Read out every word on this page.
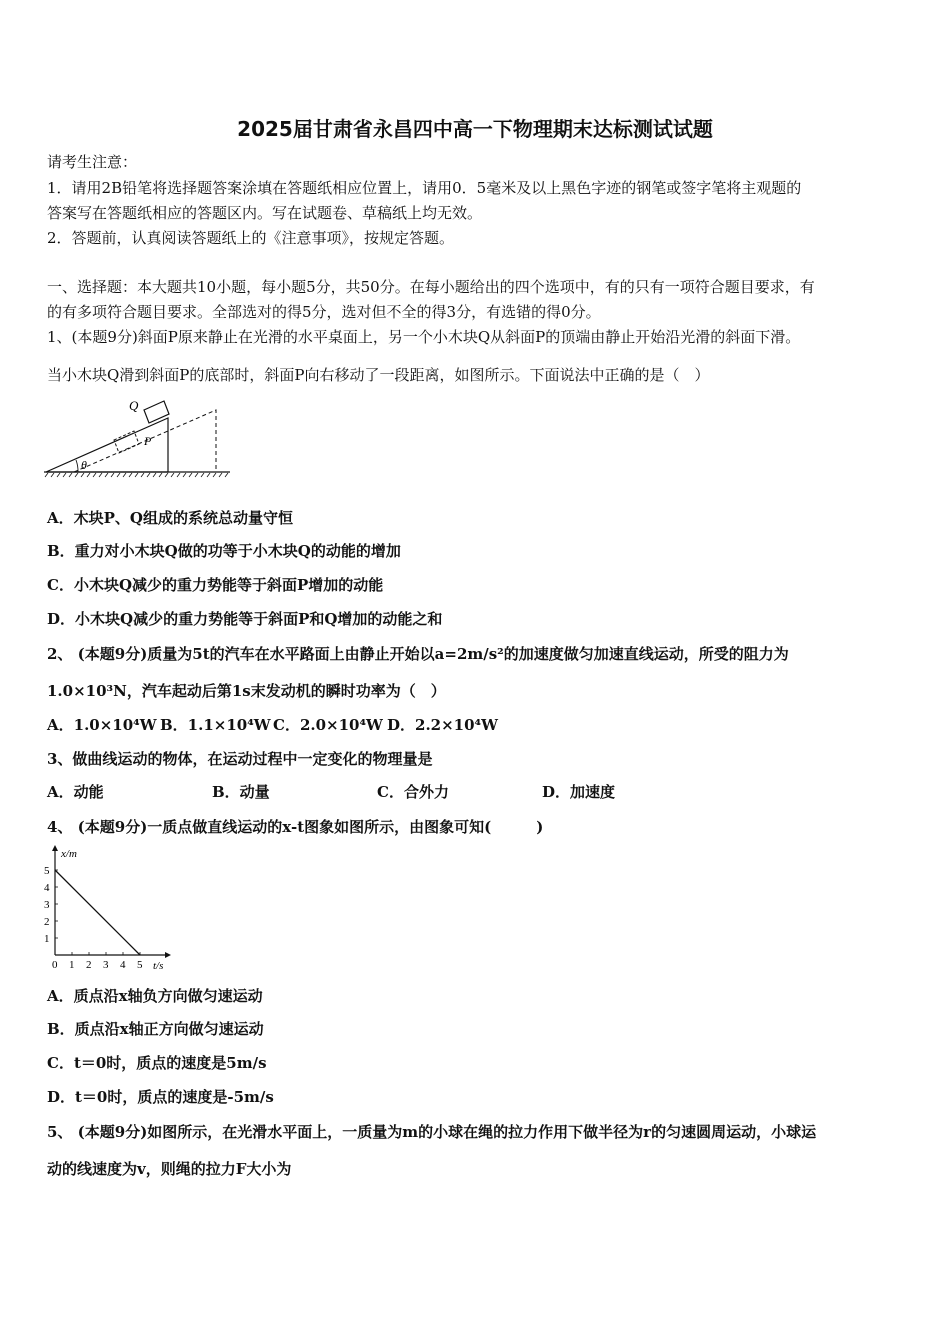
2025届甘肃省永昌四中高一下物理期末达标测试试题
请考生注意：
1．请用2B铅笔将选择题答案涂填在答题纸相应位置上，请用0．5毫米及以上黑色字迹的钢笔或签字笔将主观题的
答案写在答题纸相应的答题区内。写在试题卷、草稿纸上均无效。
2．答题前，认真阅读答题纸上的《注意事项》，按规定答题。
一、选择题：本大题共10小题，每小题5分，共50分。在每小题给出的四个选项中，有的只有一项符合题目要求，有
的有多项符合题目要求。全部选对的得5分，选对但不全的得3分，有选错的得0分。
1、(本题9分)斜面P原来静止在光滑的水平桌面上，另一个小木块Q从斜面P的顶端由静止开始沿光滑的斜面下滑。
当小木块Q滑到斜面P的底部时，斜面P向右移动了一段距离，如图所示。下面说法中正确的是（　）
Q
P
θ
A．木块P、Q组成的系统总动量守恒
B．重力对小木块Q做的功等于小木块Q的动能的增加
C．小木块Q减少的重力势能等于斜面P增加的动能
D．小木块Q减少的重力势能等于斜面P和Q增加的动能之和
2、 (本题9分)质量为5t的汽车在水平路面上由静止开始以a=2m/s²的加速度做匀加速直线运动，所受的阻力为
1.0×10³N，汽车起动后第1s末发动机的瞬时功率为（　）
A．1.0×10⁴W B．1.1×10⁴W C．2.0×10⁴W D．2.2×10⁴W
3、做曲线运动的物体，在运动过程中一定变化的物理量是
A．动能	B．动量	C．合外力	D．加速度
4、 (本题9分)一质点做直线运动的x-t图象如图所示，由图象可知(　　　)
x/m
t/s
0 1 2 3 4 5
1
2
3
4
5
A．质点沿x轴负方向做匀速运动
B．质点沿x轴正方向做匀速运动
C．t＝0时，质点的速度是5m/s
D．t＝0时，质点的速度是-5m/s
5、 (本题9分)如图所示，在光滑水平面上，一质量为m的小球在绳的拉力作用下做半径为r的匀速圆周运动，小球运
动的线速度为v，则绳的拉力F大小为
